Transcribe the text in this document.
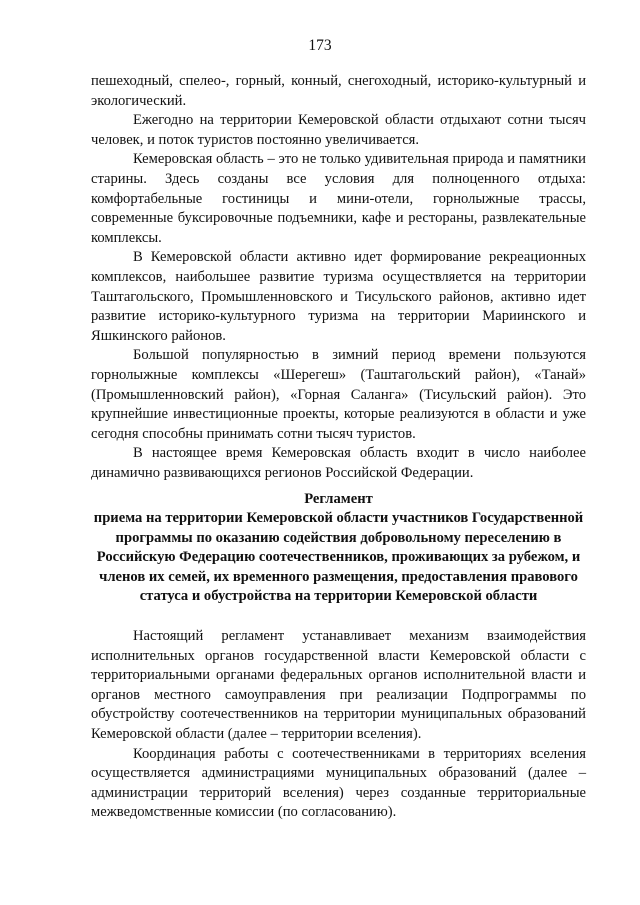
173

пешеходный, спелео-, горный, конный, снегоходный, историко-культурный и экологический.

Ежегодно на территории Кемеровской области отдыхают сотни тысяч человек, и поток туристов постоянно увеличивается.

Кемеровская область – это не только удивительная природа и памятники старины. Здесь созданы все условия для полноценного отдыха: комфортабельные гостиницы и мини-отели, горнолыжные трассы, современные буксировочные подъемники, кафе и рестораны, развлекательные комплексы.

В Кемеровской области активно идет формирование рекреационных комплексов, наибольшее развитие туризма осуществляется на территории Таштагольского, Промышленновского и Тисульского районов, активно идет развитие историко-культурного туризма на территории Мариинского и Яшкинского районов.

Большой популярностью в зимний период времени пользуются горнолыжные комплексы «Шерегеш» (Таштагольский район), «Танай» (Промышленновский район), «Горная Саланга» (Тисульский район). Это крупнейшие инвестиционные проекты, которые реализуются в области и уже сегодня способны принимать сотни тысяч туристов.

В настоящее время Кемеровская область входит в число наиболее динамично развивающихся регионов Российской Федерации.

Регламент
приема на территории Кемеровской области участников Государственной программы по оказанию содействия добровольному переселению в Российскую Федерацию соотечественников, проживающих за рубежом, и членов их семей, их временного размещения, предоставления правового статуса и обустройства на территории Кемеровской области

Настоящий регламент устанавливает механизм взаимодействия исполнительных органов государственной власти Кемеровской области с территориальными органами федеральных органов исполнительной власти и органов местного самоуправления при реализации Подпрограммы по обустройству соотечественников на территории муниципальных образований Кемеровской области (далее – территории вселения).

Координация работы с соотечественниками в территориях вселения осуществляется администрациями муниципальных образований (далее – администрации территорий вселения) через созданные территориальные межведомственные комиссии (по согласованию).
